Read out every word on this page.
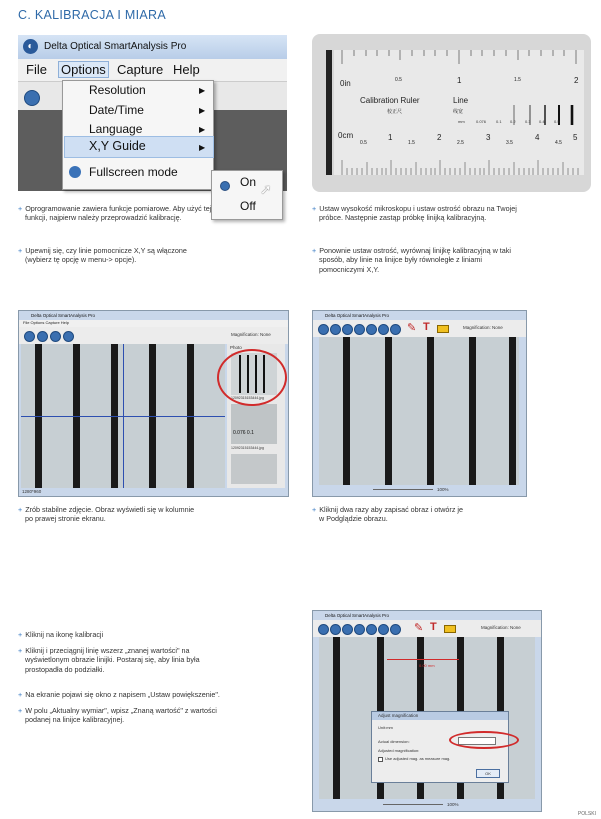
C. KALIBRACJA I MIARA
◐	Delta Optical SmartAnalysis Pro
File Options Capture Help
Resolution	▶
Date/Time	▶
Language	▶
X,Y Guide	▶
Fullscreen mode
On
Off
➚
0in	0.5	1	1.5	2
Calibration Ruler
校正尺
Line
线宽
mm	0.076 0.1 0.2 0.3 0.4 0.5
0cm
0.5
1
1.5
2
2.5
3
3.5
4
4.5
5
+ Oprogramowanie zawiera funkcje pomiarowe. Aby użyć tej
funkcji, najpierw należy przeprowadzić kalibrację.
+ Upewnij się, czy linie pomocnicze X,Y są włączone
(wybierz tę opcję w menu-> opcje).
+ Ustaw wysokość mikroskopu i ustaw ostrość obrazu na Twojej
próbce. Następnie zastąp próbkę linijką kalibracyjną.
+ Ponownie ustaw ostrość, wyrównaj linijkę kalibracyjną w taki
sposób, aby linie na linijce były równoległe z liniami
pomocniczymi X,Y.
Delta Optical SmartAnalysis Pro
File Options Capture Help
Magnification: None
Photo
12092315153444.jpg
0.076 0.1
12092315153444.jpg
1280*960
Delta Optical SmartAnalysis Pro
✎ T	Magnification: None
100%
+ Zrób stabilne zdjęcie. Obraz wyświetli się w kolumnie
po prawej stronie ekranu.
+ Kliknij dwa razy aby zapisać obraz i otwórz je
w Podglądzie obrazu.
+ Kliknij na ikonę kalibracji
+ Kliknij i przeciągnij linię wszerz „znanej wartości" na
wyświetlonym obrazie linijki. Postaraj się, aby linia była
prostopadła do podziałki.
+ Na ekranie pojawi się okno z napisem „Ustaw powiększenie".
+ W polu „Aktualny wymiar", wpisz „Znaną wartość" z wartości
podanej na linijce kalibracyjnej.
Delta Optical SmartAnalysis Pro
✎ T	Magnification: None
0.00 mm
Adjust magnification
Unit:mm
Actual dimension:
Adjusted magnification:
Use adjusted mag. as measure mag.
OK
100%
POLSKI
